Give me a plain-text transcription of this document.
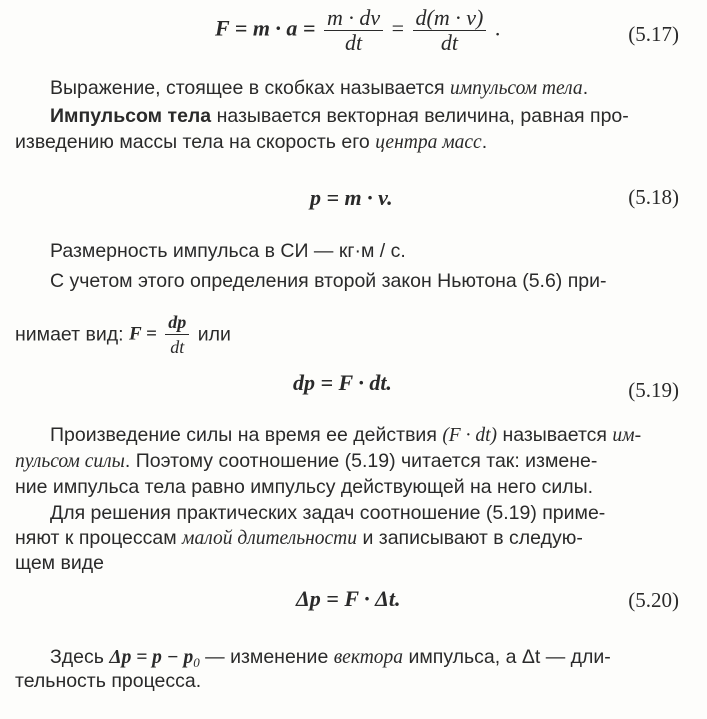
$F = m \cdot a = \frac{m \cdot dv}{dt} = \frac{d(m \cdot v)}{dt}$ .	(5.17)
Выражение, стоящее в скобках называется импульсом тела.
Импульсом тела называется векторная величина, равная про-
изведению массы тела на скорость его центра масс.
p = m · v.	(5.18)
Размерность импульса в СИ — кг·м / с.
С учетом этого определения второй закон Ньютона (5.6) при-
нимает вид: $F = \frac{dp}{dt}$ или
dp = F · dt.	(5.19)
Произведение силы на время ее действия (F · dt) называется им-
пульсом силы. Поэтому соотношение (5.19) читается так: измене-
ние импульса тела равно импульсу действующей на него силы.
Для решения практических задач соотношение (5.19) приме-
няют к процессам малой длительности и записывают в следую-
щем виде
Δp = F · Δt.	(5.20)
Здесь $\Delta p = p - p_0$ — изменение вектора импульса, а Δt — дли-
тельность процесса.
